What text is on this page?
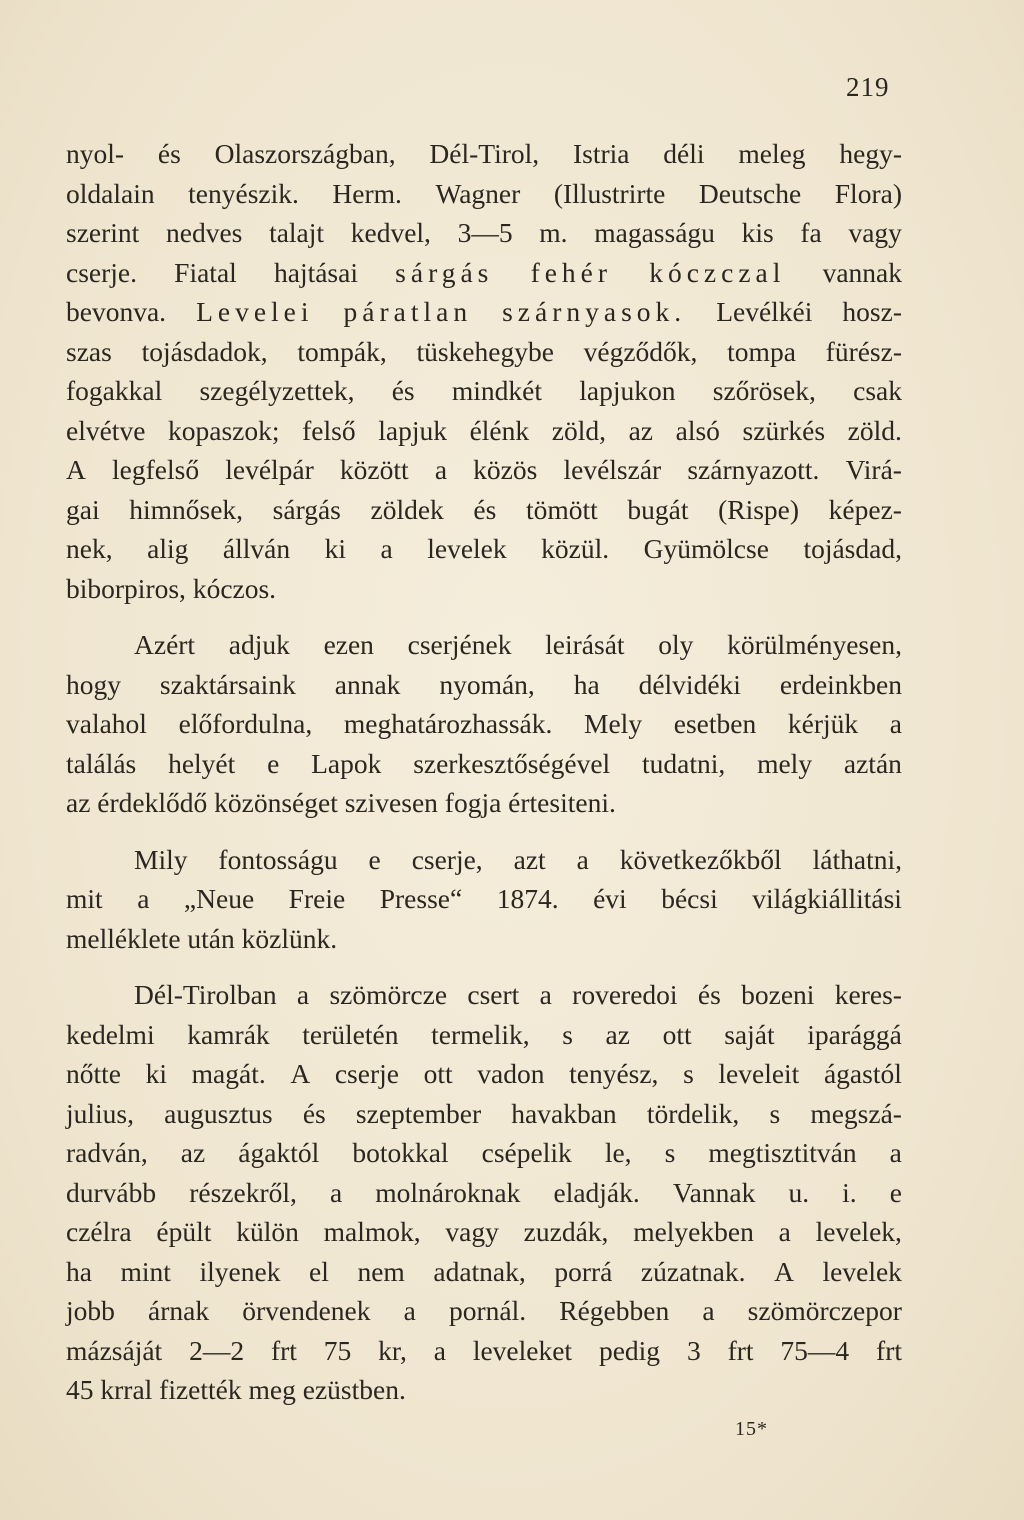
219
nyol- és Olaszországban, Dél-Tirol, Istria déli meleg hegy-
oldalain tenyészik. Herm. Wagner (Illustrirte Deutsche Flora)
szerint nedves talajt kedvel, 3—5 m. magasságu kis fa vagy
cserje. Fiatal hajtásai sárgás fehér kóczczal vannak
bevonva. Levelei páratlan szárnyasok. Levélkéi hosz-
szas tojásdadok, tompák, tüskehegybe végződők, tompa fürész-
fogakkal szegélyzettek, és mindkét lapjukon szőrösek, csak
elvétve kopaszok; felső lapjuk élénk zöld, az alsó szürkés zöld.
A legfelső levélpár között a közös levélszár szárnyazott. Virá-
gai himnősek, sárgás zöldek és tömött bugát (Rispe) képez-
nek, alig állván ki a levelek közül. Gyümölcse tojásdad,
biborpiros, kóczos.
Azért adjuk ezen cserjének leirását oly körülményesen,
hogy szaktársaink annak nyomán, ha délvidéki erdeinkben
valahol előfordulna, meghatározhassák. Mely esetben kérjük a
találás helyét e Lapok szerkesztőségével tudatni, mely aztán
az érdeklődő közönséget szivesen fogja értesiteni.
Mily fontosságu e cserje, azt a következőkből láthatni,
mit a „Neue Freie Presse“ 1874. évi bécsi világkiállitási
melléklete után közlünk.
Dél-Tirolban a szömörcze csert a roveredoi és bozeni keres-
kedelmi kamrák területén termelik, s az ott saját iparággá
nőtte ki magát. A cserje ott vadon tenyész, s leveleit ágastól
julius, augusztus és szeptember havakban tördelik, s megszá-
radván, az ágaktól botokkal csépelik le, s megtisztitván a
durvább részekről, a molnároknak eladják. Vannak u. i. e
czélra épült külön malmok, vagy zuzdák, melyekben a levelek,
ha mint ilyenek el nem adatnak, porrá zúzatnak. A levelek
jobb árnak örvendenek a pornál. Régebben a szömörczepor
mázsáját 2—2 frt 75 kr, a leveleket pedig 3 frt 75—4 frt
45 krral fizették meg ezüstben.
15*
